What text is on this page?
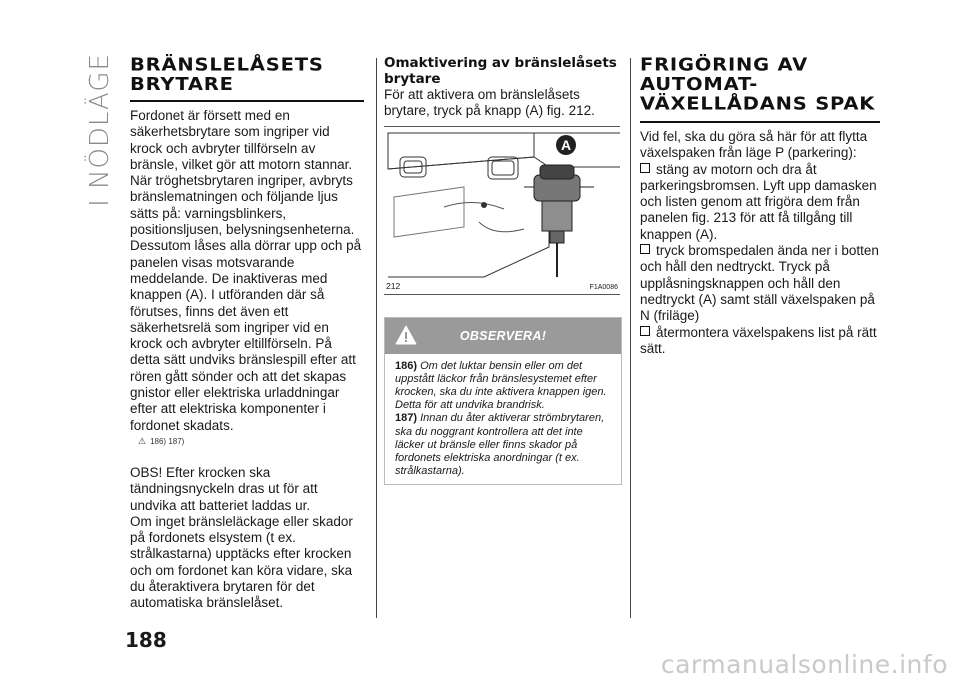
I NÖDLÄGE BRÄNSLELÅSETS
BRYTARE

Fordonet är försett med en säkerhetsbrytare som ingriper vid krock och avbryter tillförseln av bränsle, vilket gör att motorn stannar.

När tröghetsbrytaren ingriper, avbryts bränslematningen och följande ljus sätts på: varningsblinkers, positionsljusen, belysningsenheterna. Dessutom låses alla dörrar upp och på panelen visas motsvarande meddelande. De inaktiveras med knappen (A). I utföranden där så förutses, finns det även ett säkerhetsrelä som ingriper vid en krock och avbryter eltillförseln. På detta sätt undviks bränslespill efter att rören gått sönder och att det skapas gnistor eller elektriska urladdningar efter att elektriska komponenter i fordonet skadats.

⚠ 186) 187)

OBS! Efter krocken ska tändningsnyckeln dras ut för att undvika att batteriet laddas ur.

Om inget bränsleläckage eller skador på fordonets elsystem (t ex. strålkastarna) upptäcks efter krocken och om fordonet kan köra vidare, ska du återaktivera brytaren för det automatiska bränslelåset.

Omaktivering av bränslelåsets brytare

För att aktivera om bränslelåsets brytare, tryck på knapp (A) fig. 212.

A
212	F1A0086
OBSERVERA!
186) Om det luktar bensin eller om det uppstått läckor från bränslesystemet efter krocken, ska du inte aktivera knappen igen. Detta för att undvika brandrisk.
187) Innan du åter aktiverar strömbrytaren, ska du noggrant kontrollera att det inte läcker ut bränsle eller finns skador på fordonets elektriska anordningar (t ex. strålkastarna).
FRIGÖRING AV
AUTOMAT-
VÄXELLÅDANS SPAK

Vid fel, ska du göra så här för att flytta växelspaken från läge P (parkering):

stäng av motorn och dra åt parkeringsbromsen. Lyft upp damasken och listen genom att frigöra dem från panelen fig. 213 för att få tillgång till knappen (A).
tryck bromspedalen ända ner i botten och håll den nedtryckt. Tryck på upplåsningsknappen och håll den nedtryckt (A) samt ställ växelspaken på N (friläge)
återmontera växelspakens list på rätt sätt.
188
carmanualsonline.info
